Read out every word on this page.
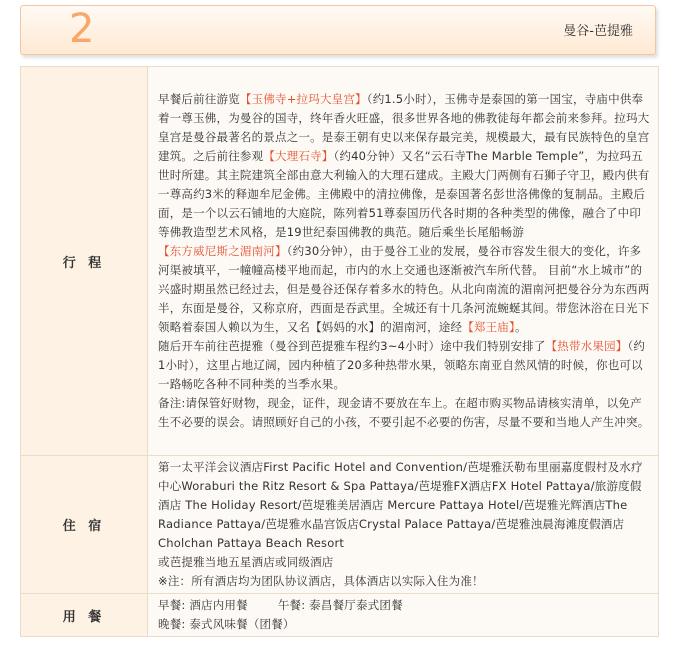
2	曼谷-芭提雅
行 程	早餐后前往游览【玉佛寺+拉玛大皇宫】（约1.5小时），玉佛寺是泰国的第一国宝，寺庙中供奉着一尊玉佛，为曼谷的国寺，终年香火旺盛，很多世界各地的佛教徒每年都会前来参拜。拉玛大皇宫是曼谷最著名的景点之一。是泰王朝有史以来保存最完美，规模最大，最有民族特色的皇宫建筑。之后前往参观【大理石寺】（约40分钟）又名“云石寺The Marble Temple”，为拉玛五世时所建。其主院建筑全部由意大利输入的大理石建成。主殿大门两侧有石狮子守卫，殿内供有一尊高约3米的释迦牟尼金佛。主佛殿中的清拉佛像，是泰国著名彭世洛佛像的复制品。主殿后面，是一个以云石铺地的大庭院，陈列着51尊泰国历代各时期的各种类型的佛像，融合了中印等佛教造型艺术风格，是19世纪泰国佛教的典范。随后乘坐长尾船畅游【东方威尼斯之湄南河】（约30分钟），由于曼谷工业的发展，曼谷市容发生很大的变化，许多河渠被填平，一幢幢高楼平地而起，市内的水上交通也逐渐被汽车所代替。 目前“水上城市”的兴盛时期虽然已经过去，但是曼谷还保存着多水的特色。从北向南流的湄南河把曼谷分为东西两半，东面是曼谷，又称京府，西面是吞武里。全城还有十几条河流蜿蜒其间。带您沐浴在日光下领略着泰国人赖以为生，又名【妈妈的水】的湄南河，途经【郑王庙】。

随后开车前往芭提雅（曼谷到芭提雅车程约3~4小时）途中我们特别安排了【热带水果园】（约1小时），这里占地辽阔，园内种植了20多种热带水果，领略东南亚自然风情的时候，你也可以一路畅吃各种不同种类的当季水果。

备注:请保管好财物，现金，证件，现金请不要放在车上。在超市购买物品请核实清单，以免产生不必要的误会。请照顾好自己的小孩，不要引起不必要的伤害，尽量不要和当地人产生冲突。

住 宿	第一太平洋会议酒店First Pacific Hotel and Convention/芭堤雅沃勒布里丽嘉度假村及水疗中心Woraburi the Ritz Resort & Spa Pattaya/芭堤雅FX酒店FX Hotel Pattaya/旅游度假酒店 The Holiday Resort/芭堤雅美居酒店 Mercure Pattaya Hotel/芭堤雅光辉酒店The Radiance Pattaya/芭堤雅水晶宫饭店Crystal Palace Pattaya/芭堤雅浊晨海滩度假酒店Cholchan Pattaya Beach Resort

或芭提雅当地五星酒店或同级酒店

※注：所有酒店均为团队协议酒店，具体酒店以实际入住为准！

用 餐	早餐: 酒店内用餐 午餐: 泰昌餐厅泰式团餐

晚餐: 泰式风味餐（团餐）
